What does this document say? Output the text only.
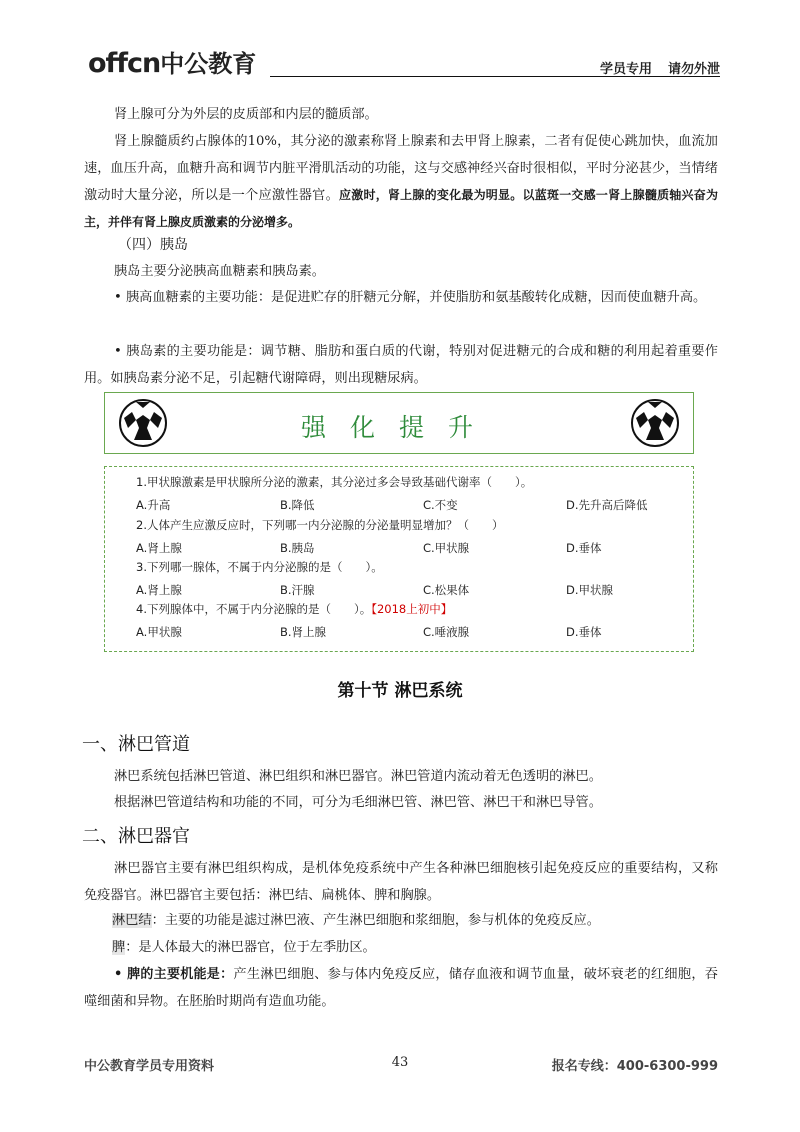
offcn中公教育	学员专用 请勿外泄
肾上腺可分为外层的皮质部和内层的髓质部。
肾上腺髓质约占腺体的10%，其分泌的激素称肾上腺素和去甲肾上腺素，二者有促使心跳加快，血流加速，血压升高，血糖升高和调节内脏平滑肌活动的功能，这与交感神经兴奋时很相似，平时分泌甚少，当情绪激动时大量分泌，所以是一个应激性器官。应激时，肾上腺的变化最为明显。以蓝斑一交感一肾上腺髓质轴兴奋为主，并伴有肾上腺皮质激素的分泌增多。
（四）胰岛
胰岛主要分泌胰高血糖素和胰岛素。
• 胰高血糖素的主要功能：是促进贮存的肝糖元分解，并使脂肪和氨基酸转化成糖，因而使血糖升高。
• 胰岛素的主要功能是：调节糖、脂肪和蛋白质的代谢，特别对促进糖元的合成和糖的利用起着重要作用。如胰岛素分泌不足，引起糖代谢障碍，则出现糖尿病。
强化提升
1.甲状腺激素是甲状腺所分泌的激素，其分泌过多会导致基础代谢率（　　）。
A.升高	B.降低	C.不变	D.先升高后降低
2.人体产生应激反应时，下列哪一内分泌腺的分泌量明显增加？（　　）
A.肾上腺	B.胰岛	C.甲状腺	D.垂体
3.下列哪一腺体，不属于内分泌腺的是（　　）。
A.肾上腺	B.汗腺	C.松果体	D.甲状腺
4.下列腺体中，不属于内分泌腺的是（　　）。【2018上初中】
A.甲状腺	B.肾上腺	C.唾液腺	D.垂体
第十节 淋巴系统
一、淋巴管道
淋巴系统包括淋巴管道、淋巴组织和淋巴器官。淋巴管道内流动着无色透明的淋巴。
根据淋巴管道结构和功能的不同，可分为毛细淋巴管、淋巴管、淋巴干和淋巴导管。
二、淋巴器官
淋巴器官主要有淋巴组织构成，是机体免疫系统中产生各种淋巴细胞核引起免疫反应的重要结构，又称免疫器官。淋巴器官主要包括：淋巴结、扁桃体、脾和胸腺。
淋巴结：主要的功能是滤过淋巴液、产生淋巴细胞和浆细胞，参与机体的免疫反应。
脾：是人体最大的淋巴器官，位于左季肋区。
• 脾的主要机能是：产生淋巴细胞、参与体内免疫反应，储存血液和调节血量，破坏衰老的红细胞，吞噬细菌和异物。在胚胎时期尚有造血功能。
中公教育学员专用资料	43	报名专线：400-6300-999
